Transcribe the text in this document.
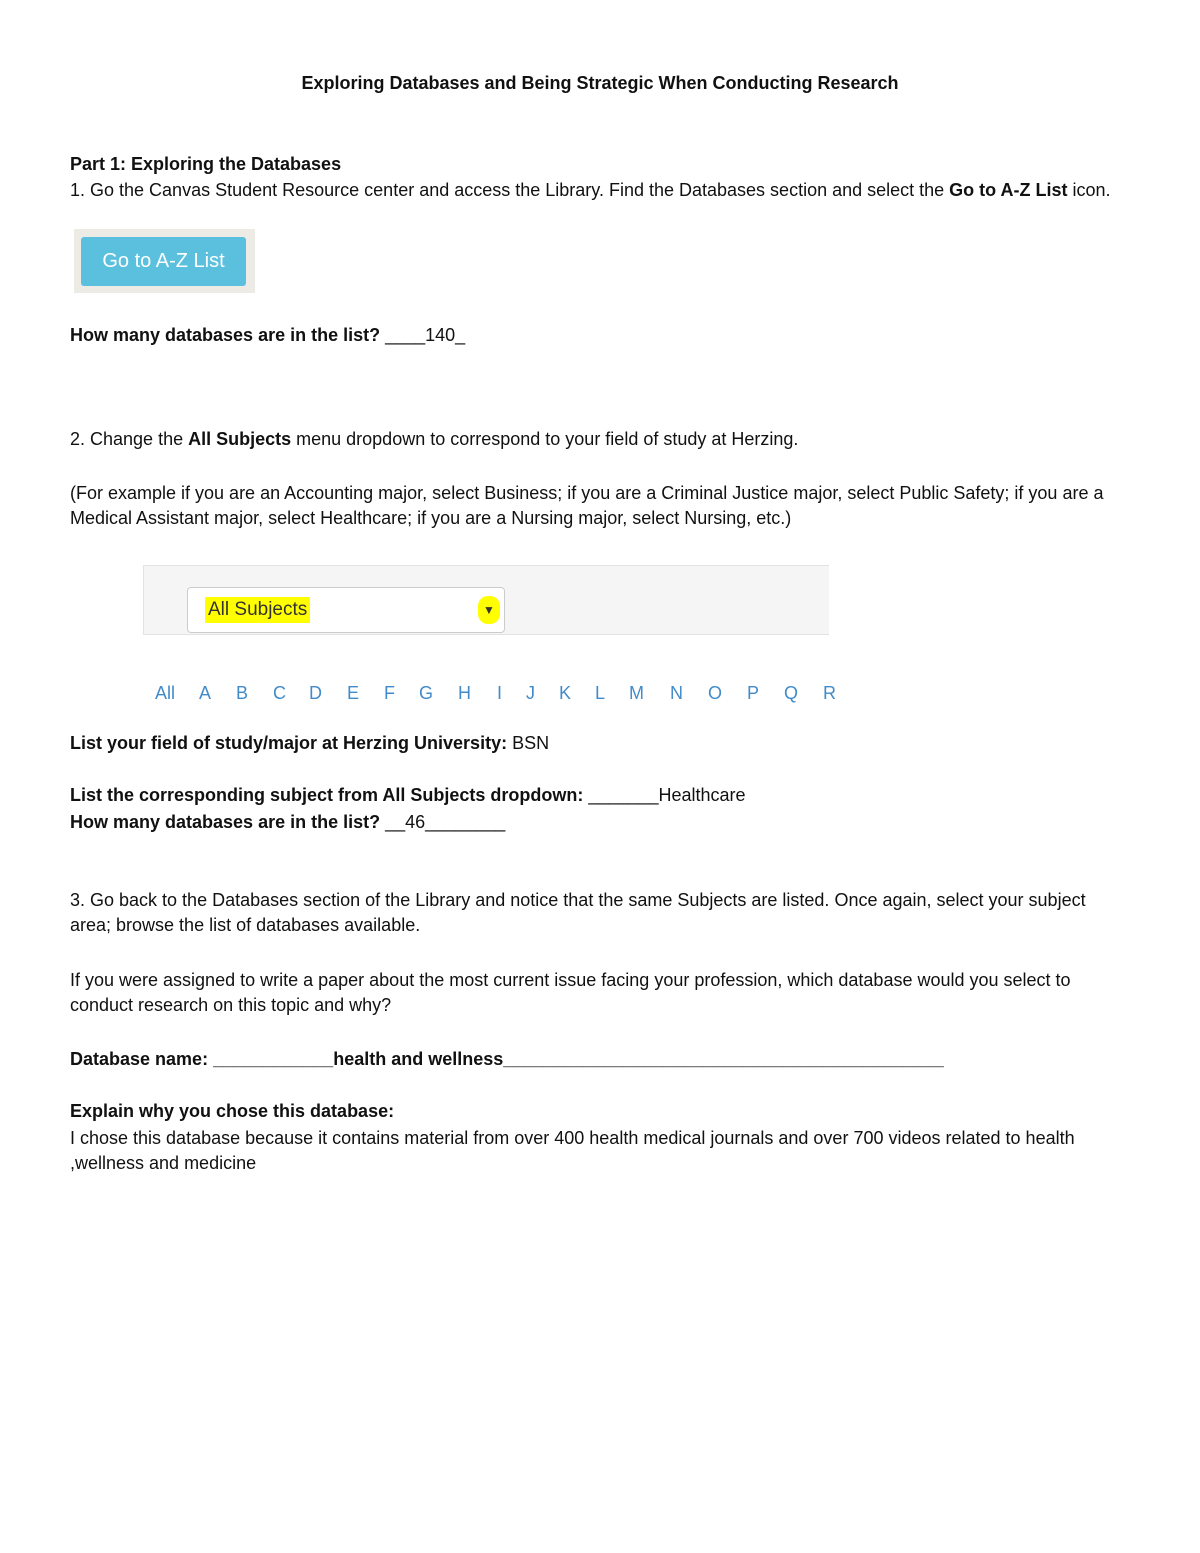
Exploring Databases and Being Strategic When Conducting Research
Part 1: Exploring the Databases
1. Go the Canvas Student Resource center and access the Library. Find the Databases section and select the Go to A-Z List icon.
Go to A-Z List
How many databases are in the list? ____140_
2. Change the All Subjects menu dropdown to correspond to your field of study at Herzing.
(For example if you are an Accounting major, select Business; if you are a Criminal Justice major, select Public Safety; if you are a Medical Assistant major, select Healthcare; if you are a Nursing major, select Nursing, etc.)
All Subjects	▼
All A B C D E F G H I J K L M N O P Q R
List your field of study/major at Herzing University: BSN
List the corresponding subject from All Subjects dropdown: _______Healthcare
How many databases are in the list? __46________
3. Go back to the Databases section of the Library and notice that the same Subjects are listed. Once again, select your subject area; browse the list of databases available.
If you were assigned to write a paper about the most current issue facing your profession, which database would you select to conduct research on this topic and why?
Database name: ____________health and wellness____________________________________________
Explain why you chose this database:
I chose this database because it contains material from over 400 health medical journals and over 700 videos related to health ,wellness and medicine
